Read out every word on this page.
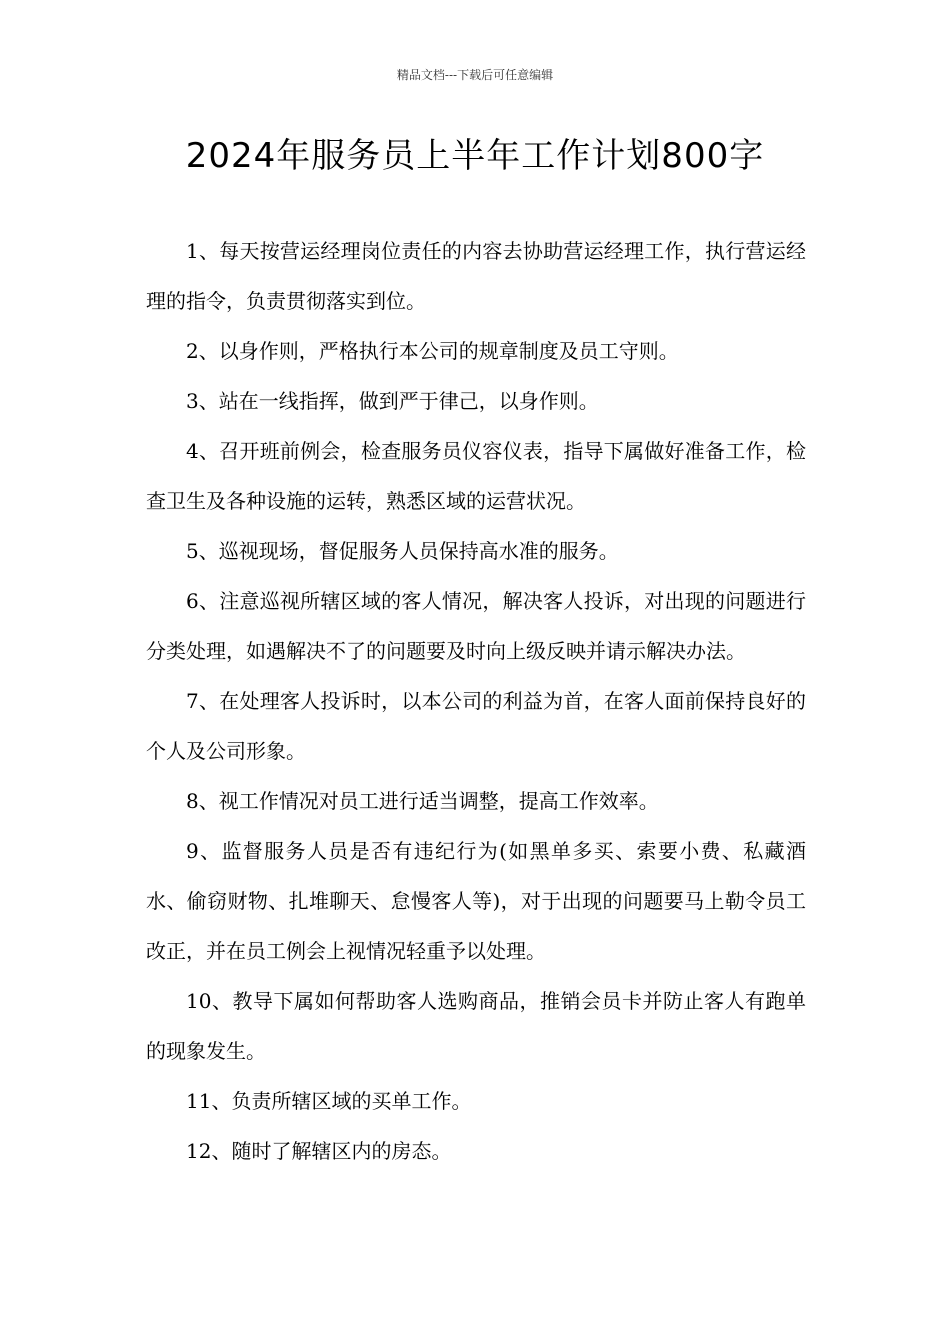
精品文档---下载后可任意编辑
2024年服务员上半年工作计划800字

1、每天按营运经理岗位责任的内容去协助营运经理工作，执行营运经理的指令，负责贯彻落实到位。

2、以身作则，严格执行本公司的规章制度及员工守则。

3、站在一线指挥，做到严于律己，以身作则。

4、召开班前例会，检查服务员仪容仪表，指导下属做好准备工作，检查卫生及各种设施的运转，熟悉区域的运营状况。

5、巡视现场，督促服务人员保持高水准的服务。

6、注意巡视所辖区域的客人情况，解决客人投诉，对出现的问题进行分类处理，如遇解决不了的问题要及时向上级反映并请示解决办法。

7、在处理客人投诉时，以本公司的利益为首，在客人面前保持良好的个人及公司形象。

8、视工作情况对员工进行适当调整，提高工作效率。

9、监督服务人员是否有违纪行为(如黑单多买、索要小费、私藏酒水、偷窃财物、扎堆聊天、怠慢客人等)，对于出现的问题要马上勒令员工改正，并在员工例会上视情况轻重予以处理。

10、教导下属如何帮助客人选购商品，推销会员卡并防止客人有跑单的现象发生。

11、负责所辖区域的买单工作。

12、随时了解辖区内的房态。
